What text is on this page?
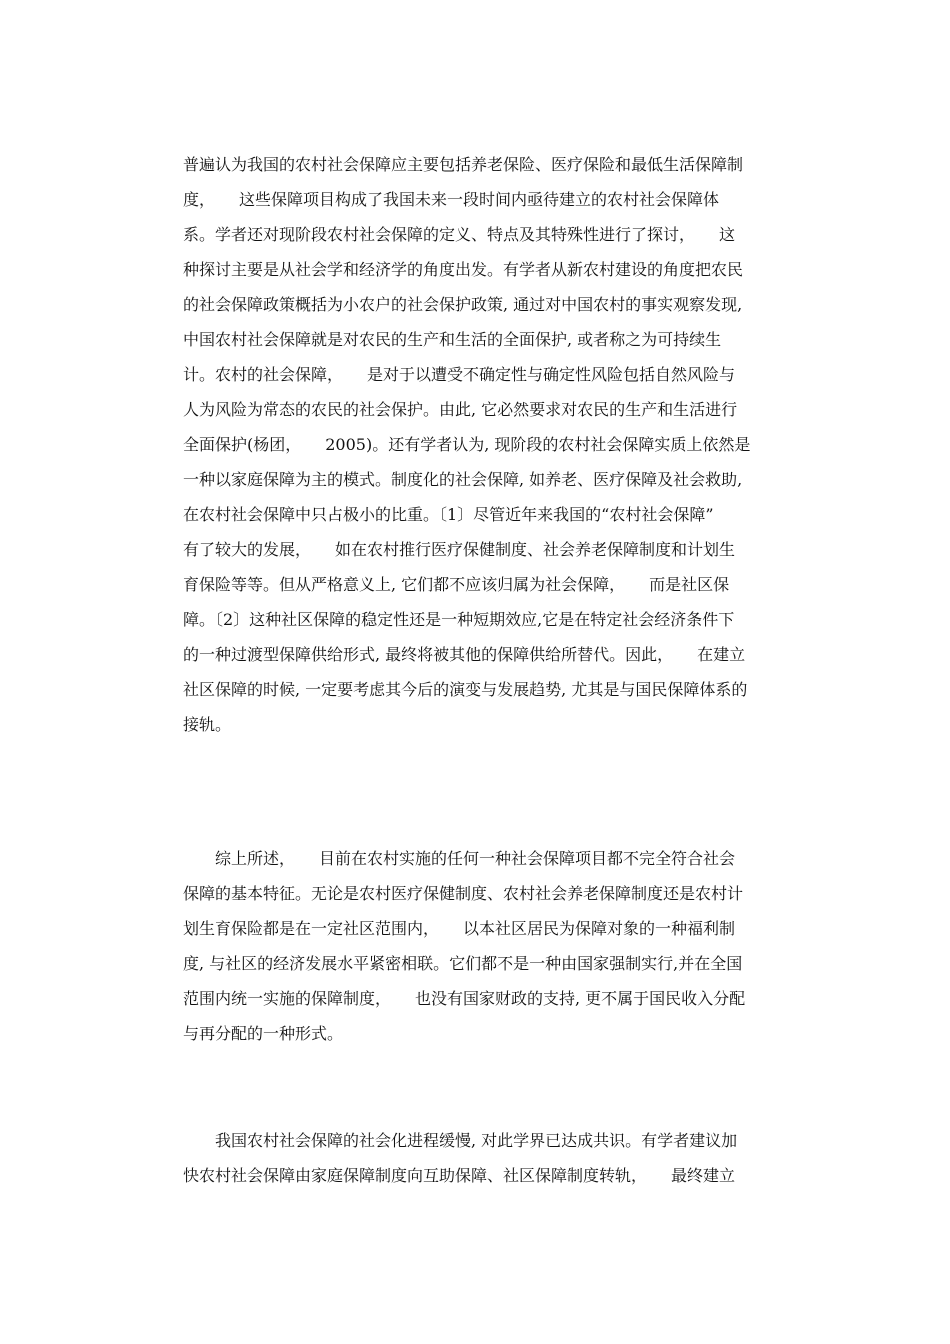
普遍认为我国的农村社会保障应主要包括养老保险、医疗保险和最低生活保障制
度，　　这些保障项目构成了我国未来一段时间内亟待建立的农村社会保障体
系。学者还对现阶段农村社会保障的定义、特点及其特殊性进行了探讨，　　这
种探讨主要是从社会学和经济学的角度出发。有学者从新农村建设的角度把农民
的社会保障政策概括为小农户的社会保护政策, 通过对中国农村的事实观察发现,
中国农村社会保障就是对农民的生产和生活的全面保护, 或者称之为可持续生
计。农村的社会保障，　　是对于以遭受不确定性与确定性风险包括自然风险与
人为风险为常态的农民的社会保护。由此, 它必然要求对农民的生产和生活进行
全面保护(杨团，　　2005)。还有学者认为, 现阶段的农村社会保障实质上依然是
一种以家庭保障为主的模式。制度化的社会保障, 如养老、医疗保障及社会救助,
在农村社会保障中只占极小的比重。〔1〕尽管近年来我国的“农村社会保障”
有了较大的发展，　　如在农村推行医疗保健制度、社会养老保障制度和计划生
育保险等等。但从严格意义上, 它们都不应该归属为社会保障，　　而是社区保
障。〔2〕这种社区保障的稳定性还是一种短期效应,它是在特定社会经济条件下
的一种过渡型保障供给形式, 最终将被其他的保障供给所替代。因此，　　在建立
社区保障的时候, 一定要考虑其今后的演变与发展趋势, 尤其是与国民保障体系的
接轨。
综上所述，　　目前在农村实施的任何一种社会保障项目都不完全符合社会
保障的基本特征。无论是农村医疗保健制度、农村社会养老保障制度还是农村计
划生育保险都是在一定社区范围内，　　以本社区居民为保障对象的一种福利制
度, 与社区的经济发展水平紧密相联。它们都不是一种由国家强制实行,并在全国
范围内统一实施的保障制度，　　也没有国家财政的支持, 更不属于国民收入分配
与再分配的一种形式。
我国农村社会保障的社会化进程缓慢, 对此学界已达成共识。有学者建议加
快农村社会保障由家庭保障制度向互助保障、社区保障制度转轨，　　最终建立
